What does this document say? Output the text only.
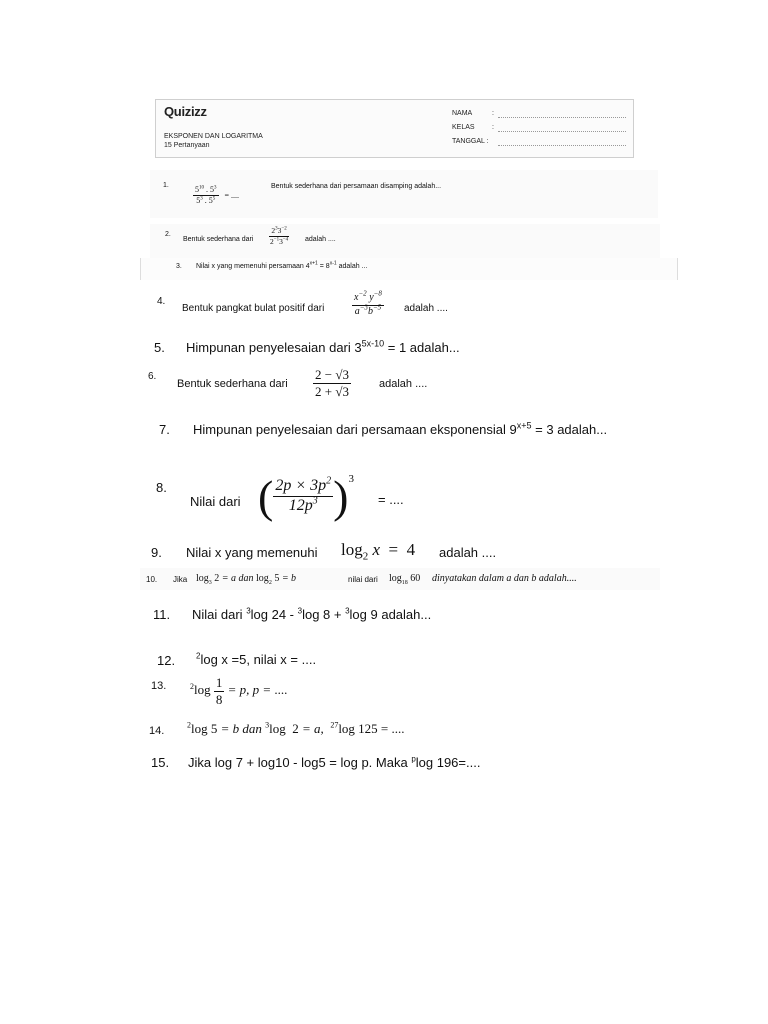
Quizizz
EKSPONEN DAN LOGARITMA
15 Pertanyaan
NAMA	:
KELAS :
TANGGAL :
1.
$\frac{5^{10} . 5^3}{5^3 . 5^5}$ = ....
Bentuk sederhana dari persamaan disamping adalah...
2.
Bentuk sederhana dari $\frac{2^33^{-2}}{2^{-1}3^{-4}}$ adalah ....
3. Nilai x yang memenuhi persamaan $4^{x+1} = 8^{x-1}$ adalah ...
4.
Bentuk pangkat bulat positif dari	$\frac{x^{-2} y^{-8}}{a^{-3}b^{-5}}$ adalah ....
5. Himpunan penyelesaian dari $3^{5x-10} = 1$ adalah...
6.
Bentuk sederhana dari $\frac{2 - √3}{2 + √3}$	adalah ....
7. Himpunan penyelesaian dari persamaan eksponensial $9^{x+5} = 3$ adalah...
8.
Nilai dari ( $\frac{2p \times 3p^2}{12p^3} )^3$
= ....
9. Nilai x yang memenuhi $\log_2 x = 4$ adalah ....
10. Jika $\log_3 2 = a$ dan $\log_2 5 = b$	nilai dari $\log_{18} 60$ dinyatakan dalam a dan b adalah....
11. Nilai dari $^3$log 24 - $^3$log 8 + $^3$log 9 adalah...
12.	$^2$log x =5, nilai x = ....
13.	$^2\log \frac{1}{8} = p$, p = ....
14.	$^2$log 5 = b dan $^3$log  2 = a,  $^{27}$log 125 = ....
15. Jika log 7 + log10 - log5 = log p. Maka $^p$log 196=....
